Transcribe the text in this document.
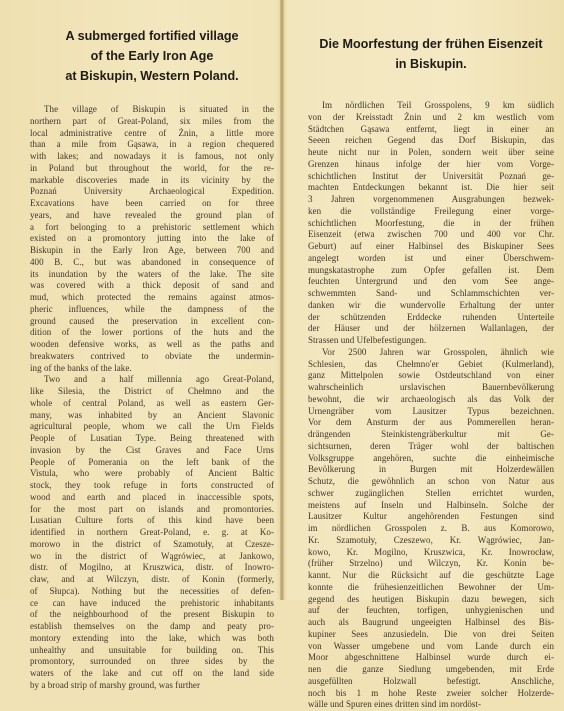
A submerged fortified village
of the Early Iron Age
at Biskupin, Western Poland.
The village of Biskupin is situated in the
northern part of Great-Poland, six miles from the
local administrative centre of Żnin, a little more
than a mile from Gąsawa, in a region chequered
with lakes; and nowadays it is famous, not only
in Poland but throughout the world, for the re-
markable discoveries made in its vicinity by the
Poznań University Archaeological Expedition.
Excavations have been carried on for three
years, and have revealed the ground plan of
a fort belonging to a prehistoric settlement which
existed on a promontory jutting into the lake of
Biskupin in the Early Iron Age, between 700 and
400 B. C., but was abandoned in consequence of
its inundation by the waters of the lake. The site
was covered with a thick deposit of sand and
mud, which protected the remains against atmos-
pheric influences, while the dampness of the
ground caused the preservation in excellent con-
dition of the lower portions of the huts and the
wooden defensive works, as well as the paths and
breakwaters contrived to obviate the undermin-
ing of the banks of the lake.
Two and a half millennia ago Great-Poland,
like Silesia, the District of Chełmno and the
whole of central Poland, as well as eastern Ger-
many, was inhabited by an Ancient Slavonic
agricultural people, whom we call the Urn Fields
People of Lusatian Type. Being threatened with
invasion by the Cist Graves and Face Urns
People of Pomerania on the left bank of the
Vistula, who were probably of Ancient Baltic
stock, they took refuge in forts constructed of
wood and earth and placed in inaccessible spots,
for the most part on islands and promontories.
Lusatian Culture forts of this kind have been
identified in northern Great-Poland, e. g. at Ko-
morowo in the district of Szamotuły, at Czesze-
wo in the district of Wągrówiec, at Jankowo,
distr. of Mogilno, at Kruszwica, distr. of Inowro-
cław, and at Wilczyn, distr. of Konin (formerly,
of Słupca). Nothing but the necessities of defen-
ce can have induced the prehistoric inhabitants
of the neighbourhood of the present Biskupin to
establish themselves on the damp and peaty pro-
montory extending into the lake, which was both
unhealthy and unsuitable for building on. This
promontory, surrounded on three sides by the
waters of the lake and cut off on the land side
by a broad strip of marshy ground, was further
Die Moorfestung der frühen Eisenzeit
in Biskupin.
Im nördlichen Teil Grosspolens, 9 km südlich
von der Kreisstadt Żnin und 2 km westlich vom
Städtchen Gąsawa entfernt, liegt in einer an
Seeen reichen Gegend das Dorf Biskupin, das
heute nicht nur in Polen, sondern weit über seine
Grenzen hinaus infolge der hier vom Vorge-
schichtlichen Institut der Universität Poznań ge-
machten Entdeckungen bekannt ist. Die hier seit
3 Jahren vorgenommenen Ausgrabungen bezwek-
ken die vollständige Freilegung einer vorge-
schichtlichen Moorfestung, die in der frühen
Eisenzeit (etwa zwischen 700 und 400 vor Chr.
Geburt) auf einer Halbinsel des Biskupiner Sees
angelegt worden ist und einer Überschwem-
mungskatastrophe zum Opfer gefallen ist. Dem
feuchten Untergrund und den vom See ange-
schwemmten Sand- und Schlammschichten ver-
danken wir die wundervolle Erhaltung der unter
der schützenden Erddecke ruhenden Unterteile
der Häuser und der hölzernen Wallanlagen, der
Strassen und Ufelbefestigungen.
Vor 2500 Jahren war Grosspolen, ähnlich wie
Schlesien, das Chełmno'er Gebiet (Kulmerland),
ganz Mittelpolen sowie Ostdeutschland von einer
wahrscheinlich urslavischen Bauernbevölkerung
bewohnt, die wir archaeologisch als das Volk der
Urnengräber vom Lausitzer Typus bezeichnen.
Vor dem Ansturm der aus Pommerellen heran-
drängenden Steinkistengräberkultur mit Ge-
sichtsurnen, deren Träger wohl der baltischen
Volksgruppe angehören, suchte die einheimische
Bevölkerung in Burgen mit Holzerdewällen
Schutz, die gewöhnlich an schon von Natur aus
schwer zugänglichen Stellen errichtet wurden,
meistens auf Inseln und Halbinseln. Solche der
Lausitzer Kultur angehörenden Festungen sind
im nördlichen Grosspolen z. B. aus Komorowo,
Kr. Szamotuły, Czeszewo, Kr. Wągrówiec, Jan-
kowo, Kr. Mogilno, Kruszwica, Kr. Inowrocław,
(früher Strzelno) und Wilczyn, Kr. Konin be-
kannt. Nur die Rücksicht auf die geschützte Lage
konnte die frühesienzeitlichen Bewohner der Um-
gegend des heutigen Biskupin dazu bewegen, sich
auf der feuchten, torfigen, unhygienischen und
auch als Baugrund ungeeigten Halbinsel des Bis-
kupiner Sees anzusiedeln. Die von drei Seiten
von Wasser umgebene und vom Lande durch ein
Moor abgeschnittene Halbinsel wurde durch ei-
nen die ganze Siedlung umgebenden, mit Erde
ausgefüllten Holzwall befestigt. Anschliche,
noch bis 1 m hohe Reste zweier solcher Holzerde-
wälle und Spuren eines dritten sind im nordöst-
